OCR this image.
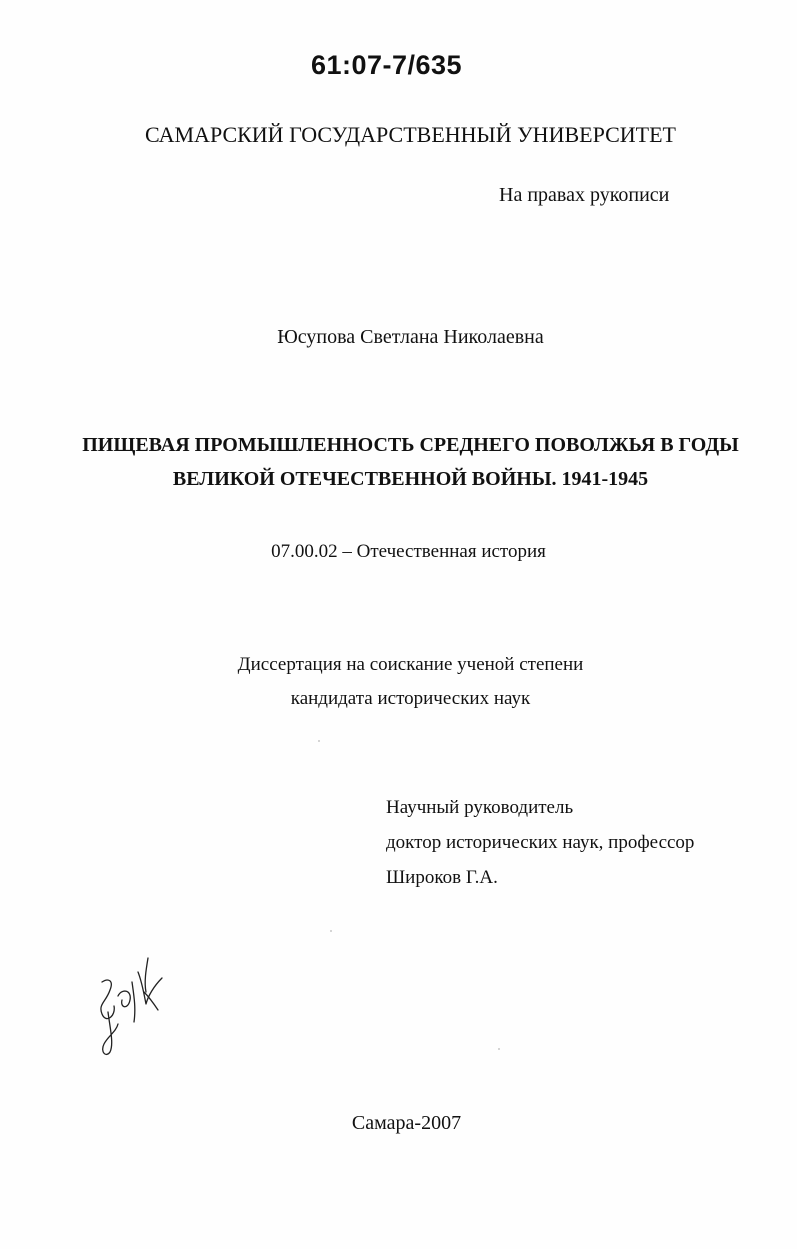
61:07-7/635
САМАРСКИЙ ГОСУДАРСТВЕННЫЙ УНИВЕРСИТЕТ
На правах рукописи
Юсупова Светлана Николаевна
ПИЩЕВАЯ ПРОМЫШЛЕННОСТЬ СРЕДНЕГО ПОВОЛЖЬЯ В ГОДЫ
ВЕЛИКОЙ ОТЕЧЕСТВЕННОЙ ВОЙНЫ. 1941-1945
07.00.02 – Отечественная история
Диссертация на соискание ученой степени
кандидата исторических наук
Научный руководитель
доктор исторических наук, профессор
Широков Г.А.
Самара-2007
